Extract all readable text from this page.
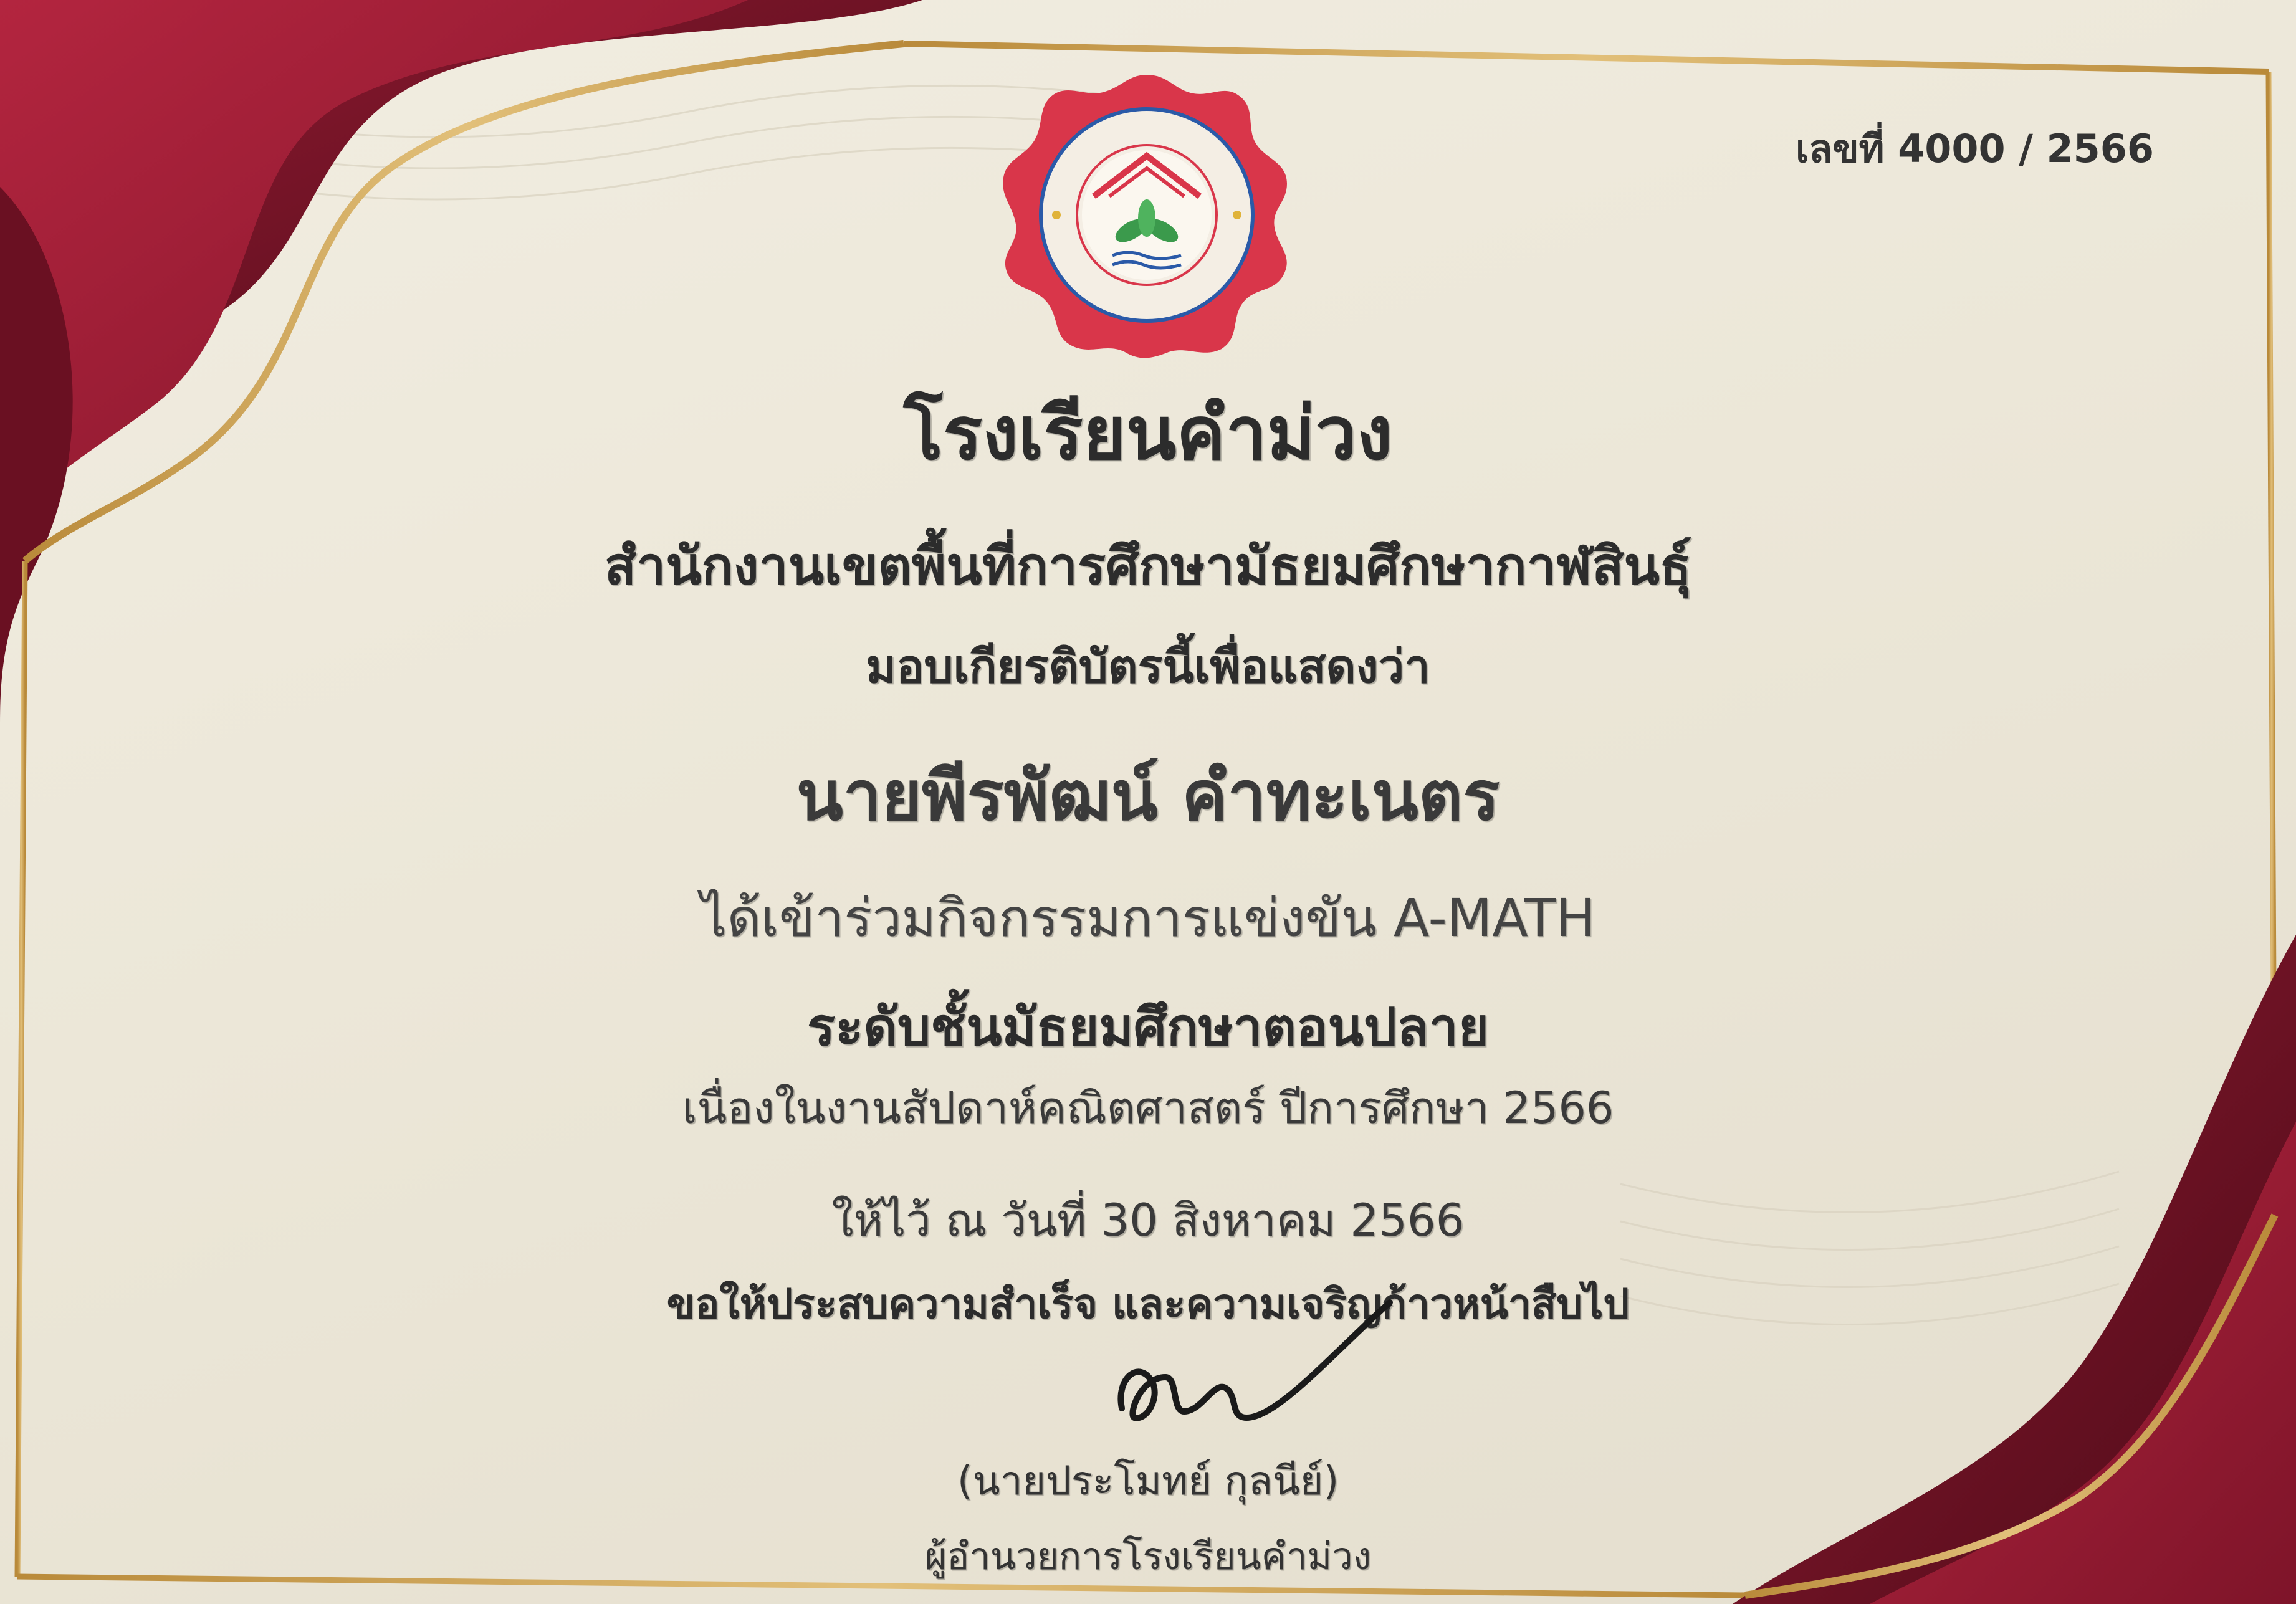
เลขที่ 4000 / 2566
โรงเรียนคำม่วง
สำนักงานเขตพื้นที่การศึกษามัธยมศึกษากาฬสินธุ์
มอบเกียรติบัตรนี้เพื่อแสดงว่า
นายพีรพัฒน์ คำทะเนตร
ได้เข้าร่วมกิจกรรมการแข่งขัน A-MATH
ระดับชั้นมัธยมศึกษาตอนปลาย
เนื่องในงานสัปดาห์คณิตศาสตร์ ปีการศึกษา 2566
ให้ไว้ ณ วันที่ 30 สิงหาคม 2566
ขอให้ประสบความสำเร็จ และความเจริญก้าวหน้าสืบไป
(นายประโมทย์ กุลนีย์)
ผู้อำนวยการโรงเรียนคำม่วง
